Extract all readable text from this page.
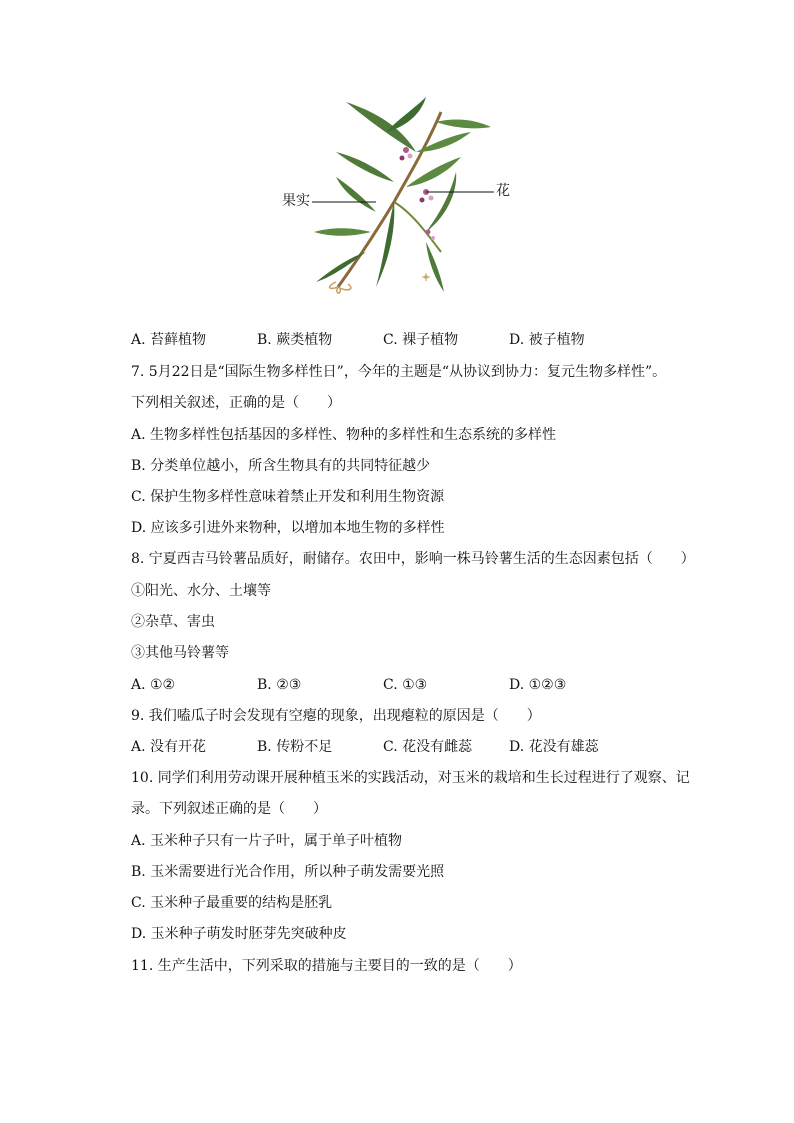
果实
花
A. 苔藓植物	B. 蕨类植物	C. 裸子植物	D. 被子植物
7. 5月22日是“国际生物多样性日”，今年的主题是“从协议到协力：复元生物多样性”。
下列相关叙述，正确的是（　　）
A. 生物多样性包括基因的多样性、物种的多样性和生态系统的多样性
B. 分类单位越小，所含生物具有的共同特征越少
C. 保护生物多样性意味着禁止开发和利用生物资源
D. 应该多引进外来物种，以增加本地生物的多样性
8. 宁夏西吉马铃薯品质好，耐储存。农田中，影响一株马铃薯生活的生态因素包括（　　）
①阳光、水分、土壤等
②杂草、害虫
③其他马铃薯等
A. ①②	B. ②③	C. ①③	D. ①②③
9. 我们嗑瓜子时会发现有空瘪的现象，出现瘪粒的原因是（　　）
A. 没有开花	B. 传粉不足	C. 花没有雌蕊	D. 花没有雄蕊
10. 同学们利用劳动课开展种植玉米的实践活动，对玉米的栽培和生长过程进行了观察、记
录。下列叙述正确的是（　　）
A. 玉米种子只有一片子叶，属于单子叶植物
B. 玉米需要进行光合作用，所以种子萌发需要光照
C. 玉米种子最重要的结构是胚乳
D. 玉米种子萌发时胚芽先突破种皮
11. 生产生活中，下列采取的措施与主要目的一致的是（　　）
